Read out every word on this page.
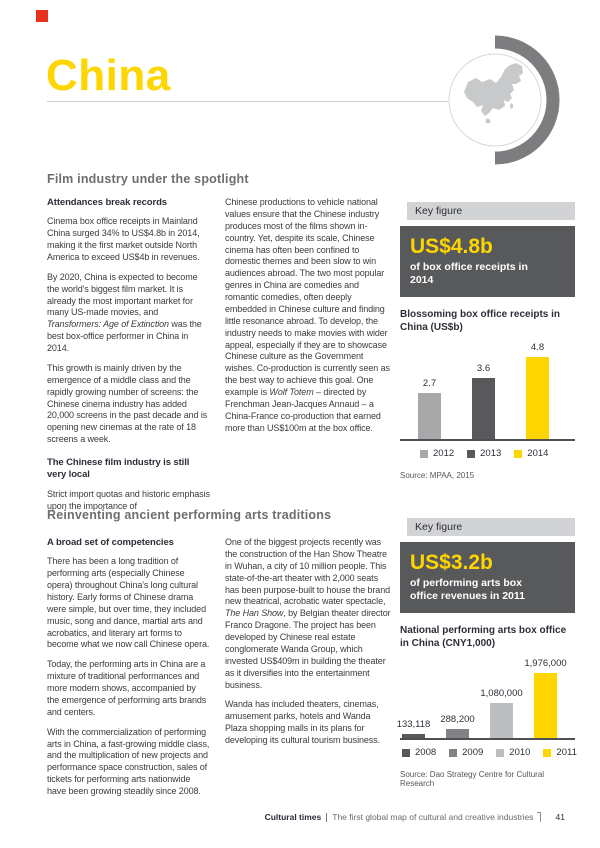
China
Film industry under the spotlight
Attendances break records

Cinema box office receipts in Mainland China surged 34% to US$4.8b in 2014, making it the first market outside North America to exceed US$4b in revenues.

By 2020, China is expected to become the world's biggest film market. It is already the most important market for many US-made movies, and Transformers: Age of Extinction was the best box-office performer in China in 2014.

This growth is mainly driven by the emergence of a middle class and the rapidly growing number of screens: the Chinese cinema industry has added 20,000 screens in the past decade and is opening new cinemas at the rate of 18 screens a week.

The Chinese film industry is still very local

Strict import quotas and historic emphasis upon the importance of

Chinese productions to vehicle national values ensure that the Chinese industry produces most of the films shown in-country. Yet, despite its scale, Chinese cinema has often been confined to domestic themes and been slow to win audiences abroad. The two most popular genres in China are comedies and romantic comedies, often deeply embedded in Chinese culture and finding little resonance abroad. To develop, the industry needs to make movies with wider appeal, especially if they are to showcase Chinese culture as the Government wishes. Co-production is currently seen as the best way to achieve this goal. One example is Wolf Totem – directed by Frenchman Jean-Jacques Annaud – a China-France co-production that earned more than US$100m at the box office.

Key figure
US$4.8b
of box office receipts in 2014
Blossoming box office receipts in China (US$b)
2.7
3.6
4.8
2012	2013	2014
Source: MPAA, 2015
Reinventing ancient performing arts traditions
A broad set of competencies

There has been a long tradition of performing arts (especially Chinese opera) throughout China's long cultural history. Early forms of Chinese drama were simple, but over time, they included music, song and dance, martial arts and acrobatics, and literary art forms to become what we now call Chinese opera.

Today, the performing arts in China are a mixture of traditional performances and more modern shows, accompanied by the emergence of performing arts brands and centers.

With the commercialization of performing arts in China, a fast-growing middle class, and the multiplication of new projects and performance space construction, sales of tickets for performing arts nationwide have been growing steadily since 2008.

One of the biggest projects recently was the construction of the Han Show Theatre in Wuhan, a city of 10 million people. This state-of-the-art theater with 2,000 seats has been purpose-built to house the brand new theatrical, acrobatic water spectacle, The Han Show, by Belgian theater director Franco Dragone. The project has been developed by Chinese real estate conglomerate Wanda Group, which invested US$409m in building the theater as it diversifies into the entertainment business.

Wanda has included theaters, cinemas, amusement parks, hotels and Wanda Plaza shopping malls in its plans for developing its cultural tourism business.

Key figure
US$3.2b
of performing arts box office revenues in 2011
National performing arts box office in China (CNY1,000)
133,118 288,200
1,080,000
1,976,000
2008	2009	2010	2011
Source: Dao Strategy Centre for Cultural Research
Cultural times The first global map of cultural and creative industries	41
